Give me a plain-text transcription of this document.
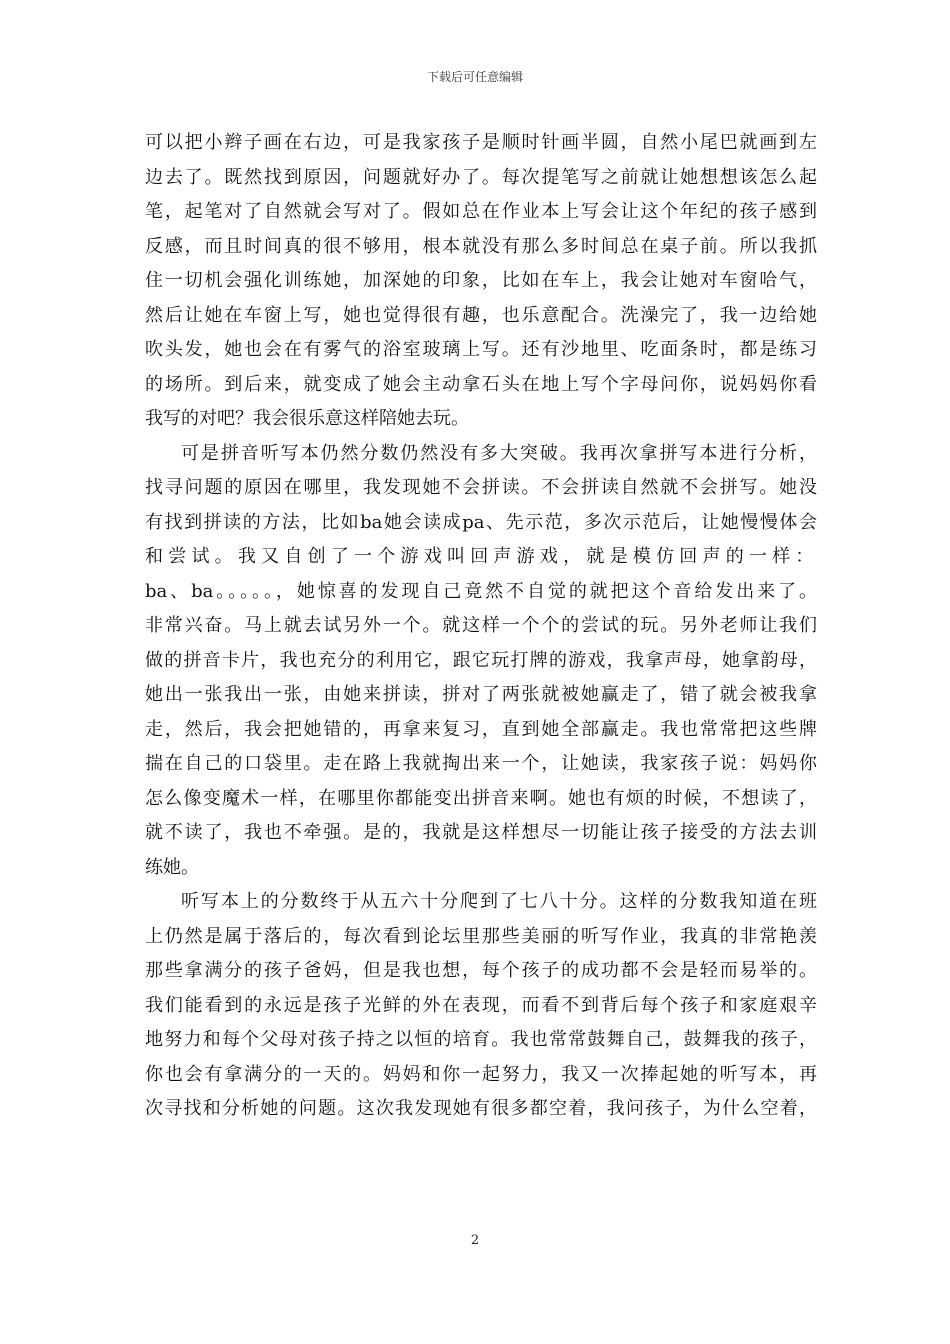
下载后可任意编辑
可以把小辫子画在右边，可是我家孩子是顺时针画半圆，自然小尾巴就画到左
边去了。既然找到原因，问题就好办了。每次提笔写之前就让她想想该怎么起
笔，起笔对了自然就会写对了。假如总在作业本上写会让这个年纪的孩子感到
反感，而且时间真的很不够用，根本就没有那么多时间总在桌子前。所以我抓
住一切机会强化训练她，加深她的印象，比如在车上，我会让她对车窗哈气，
然后让她在车窗上写，她也觉得很有趣，也乐意配合。洗澡完了，我一边给她
吹头发，她也会在有雾气的浴室玻璃上写。还有沙地里、吃面条时，都是练习
的场所。到后来，就变成了她会主动拿石头在地上写个字母问你，说妈妈你看
我写的对吧？我会很乐意这样陪她去玩。
可是拼音听写本仍然分数仍然没有多大突破。我再次拿拼写本进行分析，
找寻问题的原因在哪里，我发现她不会拼读。不会拼读自然就不会拼写。她没
有找到拼读的方法，比如ba她会读成pa、先示范，多次示范后，让她慢慢体会
和尝试。我又自创了一个游戏叫回声游戏，就是模仿回声的一样：
ba、ba。。。。。，她惊喜的发现自己竟然不自觉的就把这个音给发出来了。
非常兴奋。马上就去试另外一个。就这样一个个的尝试的玩。另外老师让我们
做的拼音卡片，我也充分的利用它，跟它玩打牌的游戏，我拿声母，她拿韵母，
她出一张我出一张，由她来拼读，拼对了两张就被她赢走了，错了就会被我拿
走，然后，我会把她错的，再拿来复习，直到她全部赢走。我也常常把这些牌
揣在自己的口袋里。走在路上我就掏出来一个，让她读，我家孩子说：妈妈你
怎么像变魔术一样，在哪里你都能变出拼音来啊。她也有烦的时候，不想读了，
就不读了，我也不牵强。是的，我就是这样想尽一切能让孩子接受的方法去训
练她。
听写本上的分数终于从五六十分爬到了七八十分。这样的分数我知道在班
上仍然是属于落后的，每次看到论坛里那些美丽的听写作业，我真的非常艳羡
那些拿满分的孩子爸妈，但是我也想，每个孩子的成功都不会是轻而易举的。
我们能看到的永远是孩子光鲜的外在表现，而看不到背后每个孩子和家庭艰辛
地努力和每个父母对孩子持之以恒的培育。我也常常鼓舞自己，鼓舞我的孩子，
你也会有拿满分的一天的。妈妈和你一起努力，我又一次捧起她的听写本，再
次寻找和分析她的问题。这次我发现她有很多都空着，我问孩子，为什么空着，
2
